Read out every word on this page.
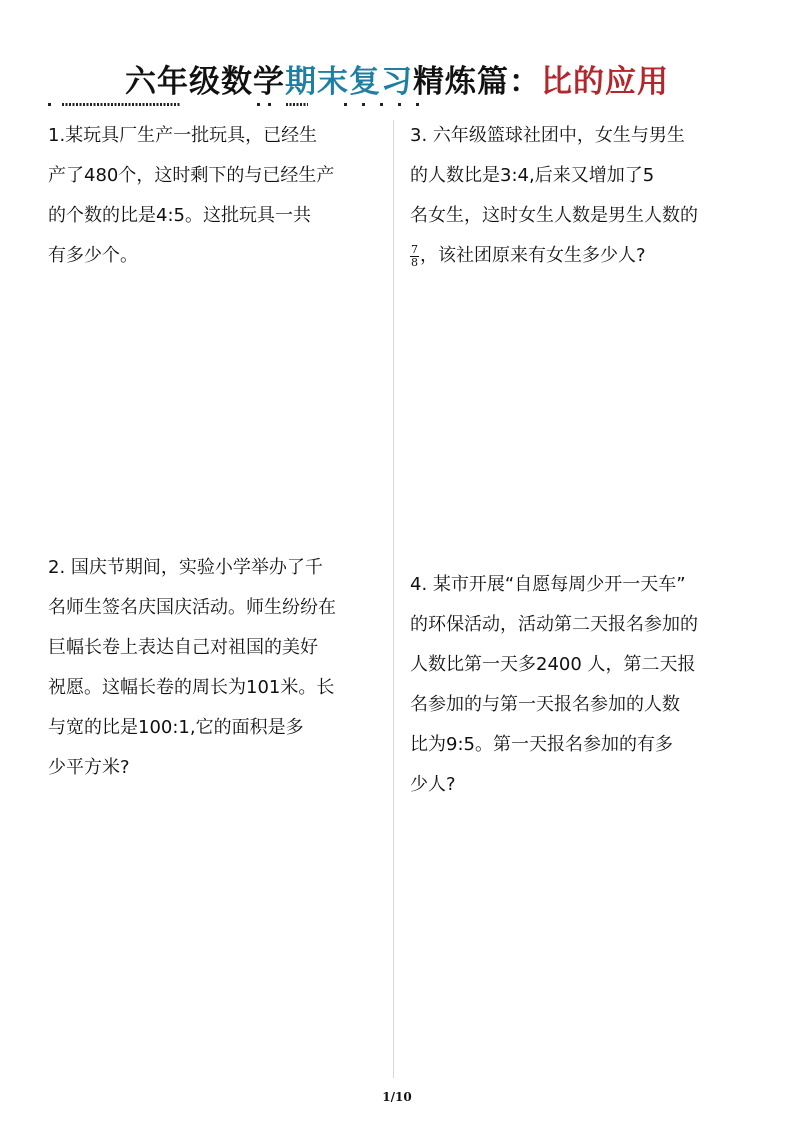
六年级数学期末复习精炼篇：比的应用
1.某玩具厂生产一批玩具，已经生
产了480个，这时剩下的与已经生产
的个数的比是4:5。这批玩具一共
有多少个。
3. 六年级篮球社团中，女生与男生
的人数比是3:4,后来又增加了5
名女生，这时女生人数是男生人数的

$\frac{7}{8}$ ，该社团原来有女生多少人?
2. 国庆节期间，实验小学举办了千
名师生签名庆国庆活动。师生纷纷在
巨幅长卷上表达自己对祖国的美好
祝愿。这幅长卷的周长为101米。长
与宽的比是100:1,它的面积是多
少平方米?
4. 某市开展“自愿每周少开一天车”
的环保活动，活动第二天报名参加的
人数比第一天多2400 人，第二天报
名参加的与第一天报名参加的人数
比为9:5。第一天报名参加的有多
少人?
1/10
